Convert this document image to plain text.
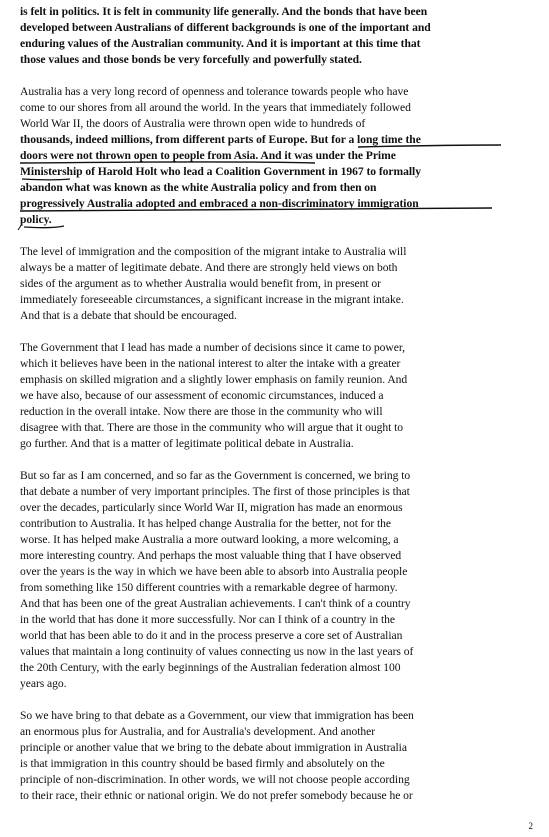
is felt in politics. It is felt in community life generally. And the bonds that have been
developed between Australians of different backgrounds is one of the important and
enduring values of the Australian community. And it is important at this time that
those values and those bonds be very forcefully and powerfully stated.
Australia has a very long record of openness and tolerance towards people who have
come to our shores from all around the world. In the years that immediately followed
World War II, the doors of Australia were thrown open wide to hundreds of
thousands, indeed millions, from different parts of Europe. But for a long time the
doors were not thrown open to people from Asia. And it was under the Prime
Ministership of Harold Holt who lead a Coalition Government in 1967 to formally
abandon what was known as the white Australia policy and from then on
progressively Australia adopted and embraced a non-discriminatory immigration
policy.
The level of immigration and the composition of the migrant intake to Australia will
always be a matter of legitimate debate. And there are strongly held views on both
sides of the argument as to whether Australia would benefit from, in present or
immediately foreseeable circumstances, a significant increase in the migrant intake.
And that is a debate that should be encouraged.
The Government that I lead has made a number of decisions since it came to power,
which it believes have been in the national interest to alter the intake with a greater
emphasis on skilled migration and a slightly lower emphasis on family reunion. And
we have also, because of our assessment of economic circumstances, induced a
reduction in the overall intake. Now there are those in the community who will
disagree with that. There are those in the community who will argue that it ought to
go further. And that is a matter of legitimate political debate in Australia.
But so far as I am concerned, and so far as the Government is concerned, we bring to
that debate a number of very important principles. The first of those principles is that
over the decades, particularly since World War II, migration has made an enormous
contribution to Australia. It has helped change Australia for the better, not for the
worse. It has helped make Australia a more outward looking, a more welcoming, a
more interesting country. And perhaps the most valuable thing that I have observed
over the years is the way in which we have been able to absorb into Australia people
from something like 150 different countries with a remarkable degree of harmony.
And that has been one of the great Australian achievements. I can't think of a country
in the world that has done it more successfully. Nor can I think of a country in the
world that has been able to do it and in the process preserve a core set of Australian
values that maintain a long continuity of values connecting us now in the last years of
the 20th Century, with the early beginnings of the Australian federation almost 100
years ago.
So we have bring to that debate as a Government, our view that immigration has been
an enormous plus for Australia, and for Australia's development. And another
principle or another value that we bring to the debate about immigration in Australia
is that immigration in this country should be based firmly and absolutely on the
principle of non-discrimination. In other words, we will not choose people according
to their race, their ethnic or national origin. We do not prefer somebody because he or
2
